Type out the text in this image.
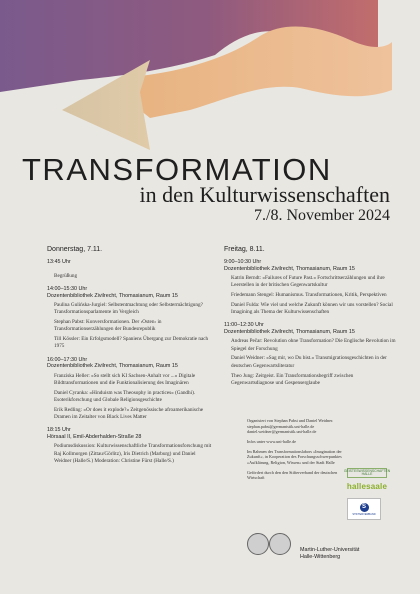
TRANSFORMATION
in den Kulturwissenschaften
7./8. November 2024
Donnerstag, 7.11.
13:45 Uhr
Begrüßung
14:00–15:30 Uhr
Dozentenbibliothek Zivilrecht, Thomasianum, Raum 15
Paulina Gulińska-Jurgiel: Selbstentmachtung oder Selbstermächtigung? Transformationsparlamente im Vergleich
Stephan Pabst: Konversformationen. Der ›Osten‹ in Transformationserzählungen der Bundesrepublik
Till Kössler: Ein Erfolgsmodell? Spaniens Übergang zur Demokratie nach 1975
16:00–17:30 Uhr
Dozentenbibliothek Zivilrecht, Thomasianum, Raum 15
Franziska Heller: »So stellt sich KI Sachsen-Anhalt vor ...« Digitale Bildtransformationen und die Funktionalisierung des Imaginären
Daniel Cyranka: »Hinduism was Theosophy in practices« (Gandhi). Esoterikforschung und Globale Religionsgeschichte
Erik Redling: »Or does it explode?« Zeitgenössische afroamerikanische Dramen im Zeitalter von Black Lives Matter
18:15 Uhr
Hörsaal II, Emil-Abderhalden-Straße 28
Podiumsdiskussion: Kulturwissenschaftliche Transformationsforschung mit Raj Kollmorgen (Zittau/Görlitz), Iris Dietrich (Marburg) und Daniel Weidner (Halle/S.) Moderation: Christine Fürst (Halle/S.)
Freitag, 8.11.
9:00–10:30 Uhr
Dozentenbibliothek Zivilrecht, Thomasianum, Raum 15
Katrin Berndt: »Failures of Future Past.« Fortschrittserzählungen und ihre Leerstellen in der britischen Gegenwartskultur
Friedemann Stengel: Humanismus. Transformationen, Kritik, Perspektiven
Daniel Fulda: Wie viel und welche Zukunft können wir uns vorstellen? Social Imagining als Thema der Kulturwissenschaften
11:00–12:30 Uhr
Dozentenbibliothek Zivilrecht, Thomasianum, Raum 15
Andreas Pečar: Revolution ohne Transformation? Die Englische Revolution im Spiegel der Forschung
Daniel Weidner: »Sag mir, wo Du bist.« Transmigrationsgeschichten in der deutschen Gegenwartsliteratur
Theo Jung: Zeitgeist. Ein Transformationsbegriff zwischen Gegenwartsdiagnose und Gespenserglaube

Organisiert von Stephan Pabst und Daniel Weidner. stephan.pabst@germanistik.uni-halle.de daniel.weidner@germanistik.uni-halle.de

Infos unter www.uni-halle.de

Im Rahmen des Transformationslabors »Imagination der Zukunft«, in Kooperation des Forschungsschwerpunktes »Aufklärung, Religion, Wissen« und der Stadt Halle

Gefördert durch den den Stifterverband der deutschen Wirtschaft

GEISTESWISSENSCHAFTEN HALLE
hallesaale
S
STIFTERVERBAND
Martin-Luther-Universität
Halle-Wittenberg
